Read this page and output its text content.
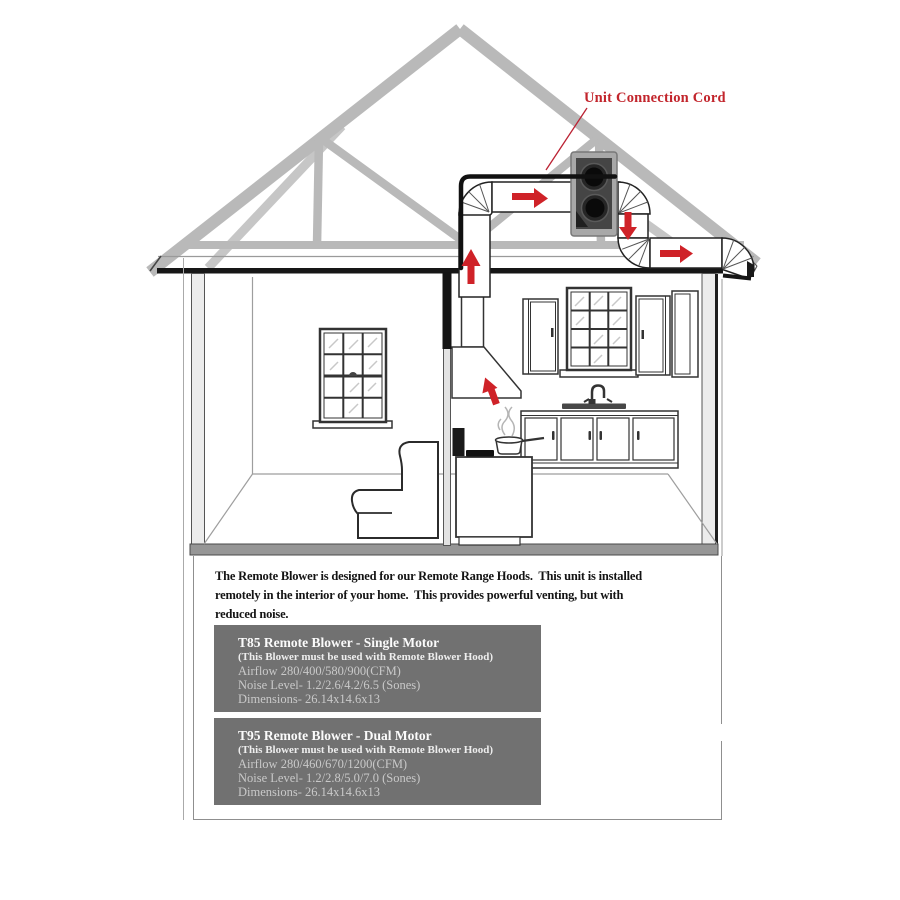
Unit Connection Cord
The Remote Blower is designed for our Remote Range Hoods.  This unit is installed
remotely in the interior of your home.  This provides powerful venting, but with
reduced noise.
T85 Remote Blower - Single Motor
(This Blower must be used with Remote Blower Hood)
Airflow 280/400/580/900(CFM)
Noise Level- 1.2/2.6/4.2/6.5 (Sones)
Dimensions- 26.14x14.6x13
T95 Remote Blower - Dual Motor
(This Blower must be used with Remote Blower Hood)
Airflow 280/460/670/1200(CFM)
Noise Level- 1.2/2.8/5.0/7.0 (Sones)
Dimensions- 26.14x14.6x13
